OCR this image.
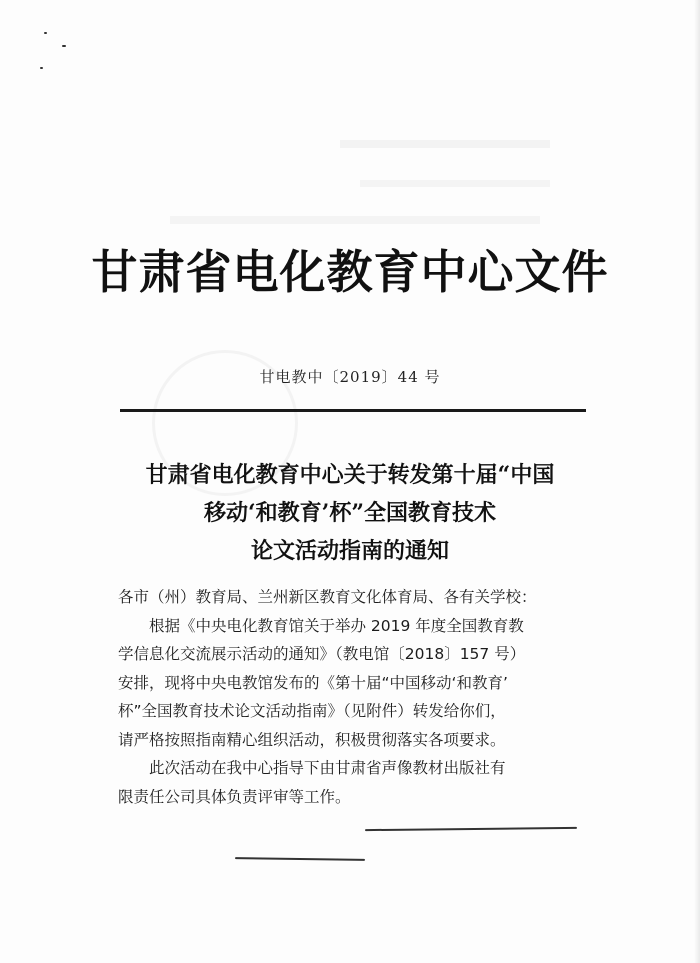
甘肃省电化教育中心文件
甘电教中〔2019〕44 号
甘肃省电化教育中心关于转发第十届“中国
移动‘和教育’杯”全国教育技术
论文活动指南的通知
各市（州）教育局、兰州新区教育文化体育局、各有关学校：
根据《中央电化教育馆关于举办 2019 年度全国教育教
学信息化交流展示活动的通知》（教电馆〔2018〕157 号）
安排，现将中央电教馆发布的《第十届“中国移动‘和教育’
杯”全国教育技术论文活动指南》（见附件）转发给你们，
请严格按照指南精心组织活动，积极贯彻落实各项要求。
此次活动在我中心指导下由甘肃省声像教材出版社有
限责任公司具体负责评审等工作。
